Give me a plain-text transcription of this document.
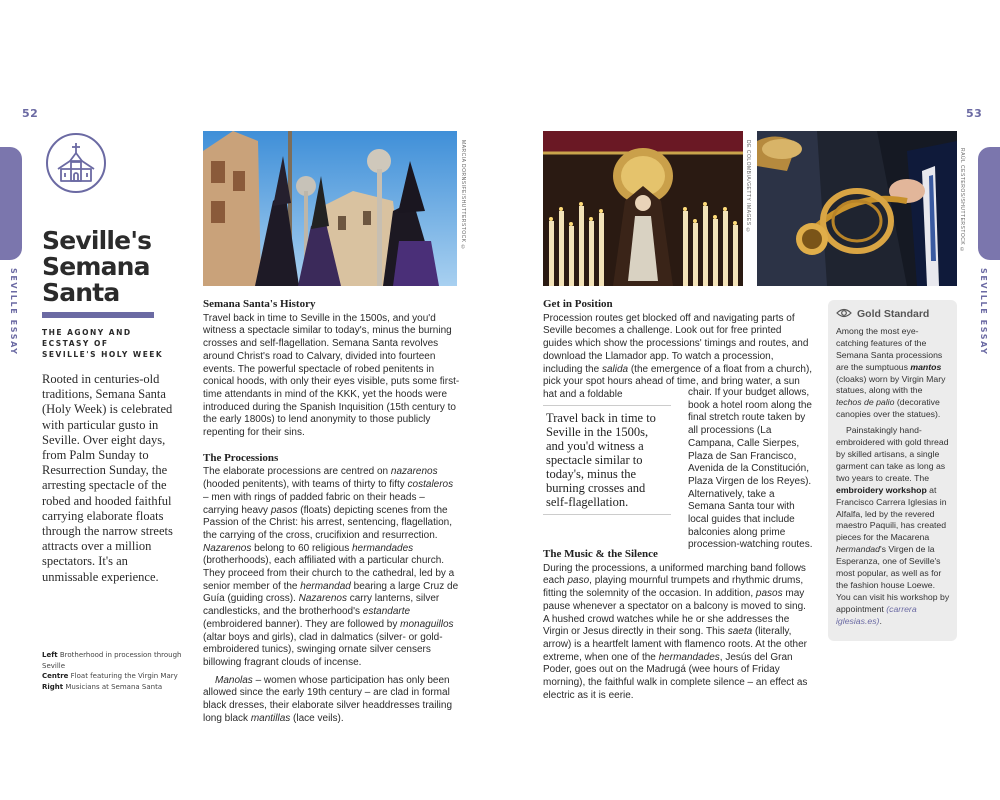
52	53
SEVILLE ESSAY	SEVILLE ESSAY
Seville's Semana Santa
THE AGONY AND ECSTASY OF SEVILLE'S HOLY WEEK
Rooted in centuries-old traditions, Semana Santa (Holy Week) is celebrated with particular gusto in Seville. Over eight days, from Palm Sunday to Resurrection Sunday, the arresting spectacle of the robed and hooded faithful carrying elaborate floats through the narrow streets attracts over a million spectators. It's an unmissable experience.
Left Brotherhood in procession through Seville
Centre Float featuring the Virgin Mary
Right Musicians at Semana Santa
MARCIA DORNSIFE/SHUTTERSTOCK ©	DE COLOMBIA/GETTY IMAGES ©	RAÚL CESTEROS/SHUTTERSTOCK ©
Semana Santa's History

Travel back in time to Seville in the 1500s, and you'd witness a spectacle similar to today's, minus the burning crosses and self-flagellation. Semana Santa revolves around Christ's road to Calvary, divided into fourteen events. The powerful spectacle of robed penitents in conical hoods, with only their eyes visible, puts some first-time attendants in mind of the KKK, yet the hoods were introduced during the Spanish Inquisition (15th century to the early 1800s) to lend anonymity to those publicly repenting for their sins.

The Processions

The elaborate processions are centred on nazarenos (hooded penitents), with teams of thirty to fifty costaleros – men with rings of padded fabric on their heads – carrying heavy pasos (floats) depicting scenes from the Passion of the Christ: his arrest, sentencing, flagellation, the carrying of the cross, crucifixion and resurrection. Nazarenos belong to 60 religious hermandades (brotherhoods), each affiliated with a particular church. They proceed from their church to the cathedral, led by a senior member of the hermandad bearing a large Cruz de Guía (guiding cross). Nazarenos carry lanterns, silver candlesticks, and the brotherhood's estandarte (embroidered banner). They are followed by monaguillos (altar boys and girls), clad in dalmatics (silver- or gold-embroidered tunics), swinging ornate silver censers billowing fragrant clouds of incense.

Manolas – women whose participation has only been allowed since the early 19th century – are clad in formal black dresses, their elaborate silver headdresses trailing long black mantillas (lace veils).

Get in Position

Procession routes get blocked off and navigating parts of Seville becomes a challenge. Look out for free printed guides which show the processions' timings and routes, and download the Llamador app. To watch a procession, including the salida (the emergence of a float from a church), pick your spot hours ahead of time, and bring water, a sun hat and a foldable	chair. If your budget allows, book a hotel room along the final stretch route taken by all processions (La Campana, Calle Sierpes, Plaza de San Francisco, Avenida de la Constitución, Plaza Virgen de los Reyes). Alternatively, take a Semana Santa tour with local guides that include balconies along prime procession-watching routes.
Travel back in time to Seville in the 1500s, and you'd witness a spectacle similar to today's, minus the burning crosses and self-flagellation.
The Music & the Silence

During the processions, a uniformed marching band follows each paso, playing mournful trumpets and rhythmic drums, fitting the solemnity of the occasion. In addition, pasos may pause whenever a spectator on a balcony is moved to sing. A hushed crowd watches while he or she addresses the Virgin or Jesus directly in their song. This saeta (literally, arrow) is a heartfelt lament with flamenco roots. At the other extreme, when one of the hermandades, Jesús del Gran Poder, goes out on the Madrugá (wee hours of Friday morning), the faithful walk in complete silence – an effect as electric as it is eerie.

Gold Standard

Among the most eye-catching features of the Semana Santa processions are the sumptuous mantos (cloaks) worn by Virgin Mary statues, along with the techos de palio (decorative canopies over the statues).

Painstakingly hand-embroidered with gold thread by skilled artisans, a single garment can take as long as two years to create. The embroidery workshop at Francisco Carrera Iglesias in Alfalfa, led by the revered maestro Paquili, has created pieces for the Macarena hermandad's Virgen de la Esperanza, one of Seville's most popular, as well as for the fashion house Loewe. You can visit his workshop by appointment (carrera iglesias.es).
